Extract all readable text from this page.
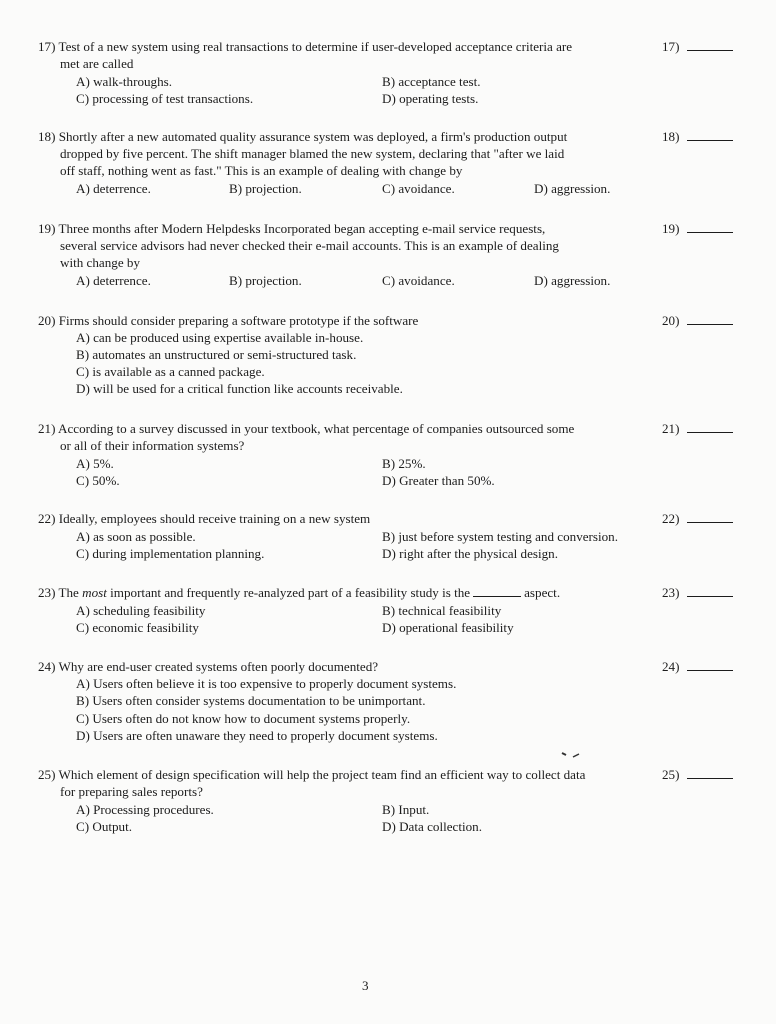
17) Test of a new system using real transactions to determine if user-developed acceptance criteria are
met are called
A) walk-throughs.	B) acceptance test.
C) processing of test transactions.	D) operating tests.
17)
18) Shortly after a new automated quality assurance system was deployed, a firm's production output
dropped by five percent. The shift manager blamed the new system, declaring that "after we laid
off staff, nothing went as fast." This is an example of dealing with change by
A) deterrence.	B) projection.	C) avoidance.	D) aggression.
18)
19) Three months after Modern Helpdesks Incorporated began accepting e-mail service requests,
several service advisors had never checked their e-mail accounts. This is an example of dealing
with change by
A) deterrence.	B) projection.	C) avoidance.	D) aggression.
19)
20) Firms should consider preparing a software prototype if the software
A) can be produced using expertise available in-house.
B) automates an unstructured or semi-structured task.
C) is available as a canned package.
D) will be used for a critical function like accounts receivable.
20)
21) According to a survey discussed in your textbook, what percentage of companies outsourced some
or all of their information systems?
A) 5%.	B) 25%.
C) 50%.	D) Greater than 50%.
21)
22) Ideally, employees should receive training on a new system
A) as soon as possible.	B) just before system testing and conversion.
C) during implementation planning.	D) right after the physical design.
22)
23) The most important and frequently re-analyzed part of a feasibility study is the	aspect.
A) scheduling feasibility	B) technical feasibility
C) economic feasibility	D) operational feasibility
23)
24) Why are end-user created systems often poorly documented?
A) Users often believe it is too expensive to properly document systems.
B) Users often consider systems documentation to be unimportant.
C) Users often do not know how to document systems properly.
D) Users are often unaware they need to properly document systems.
24)
25) Which element of design specification will help the project team find an efficient way to collect data
for preparing sales reports?
A) Processing procedures.	B) Input.
C) Output.	D) Data collection.
25)
3
